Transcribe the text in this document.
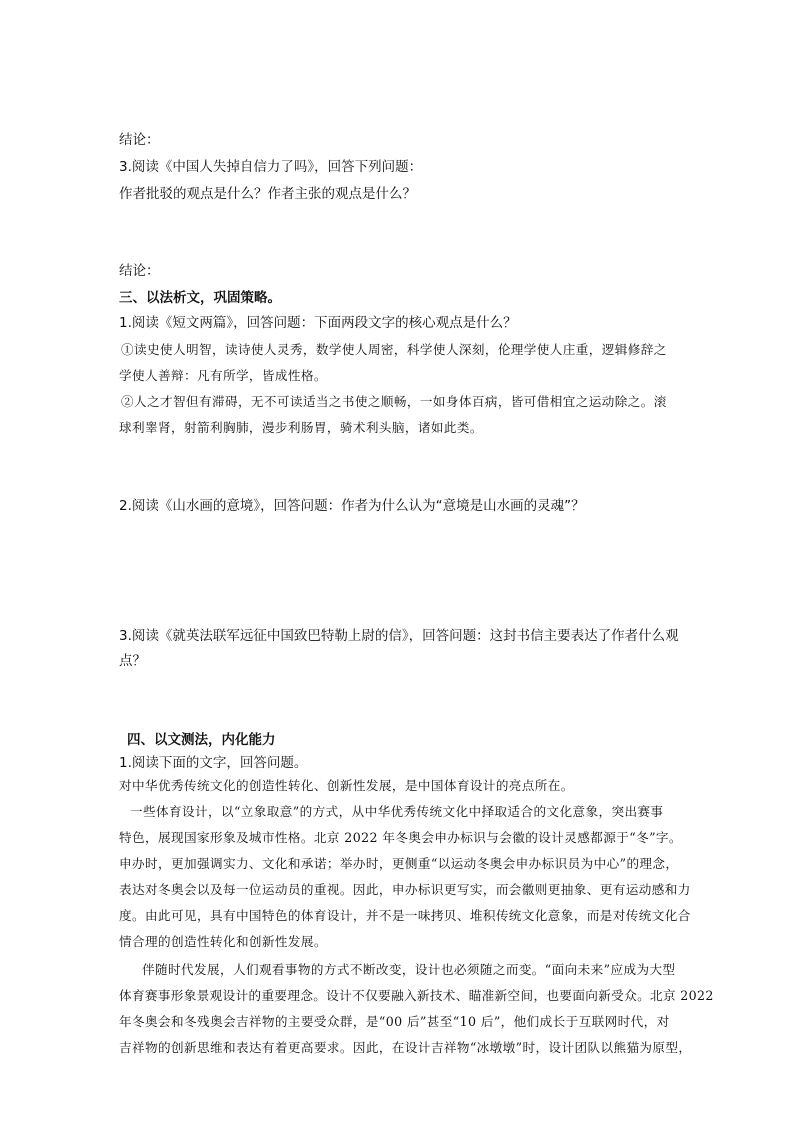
结论：
3.阅读《中国人失掉自信力了吗》，回答下列问题：
作者批驳的观点是什么？作者主张的观点是什么？
结论：
三、以法析文，巩固策略。
1.阅读《短文两篇》，回答问题：下面两段文字的核心观点是什么？
①读史使人明智，读诗使人灵秀，数学使人周密，科学使人深刻，伦理学使人庄重，逻辑修辞之
学使人善辩：凡有所学，皆成性格。
②人之才智但有滞碍，无不可读适当之书使之顺畅，一如身体百病，皆可借相宜之运动除之。滚
球利睾肾，射箭利胸肺，漫步利肠胃，骑术利头脑，诸如此类。
2.阅读《山水画的意境》，回答问题：作者为什么认为“意境是山水画的灵魂”？
3.阅读《就英法联军远征中国致巴特勒上尉的信》，回答问题：这封书信主要表达了作者什么观
点？
四、以文测法，内化能力
1.阅读下面的文字，回答问题。
对中华优秀传统文化的创造性转化、创新性发展，是中国体育设计的亮点所在。
一些体育设计，以“立象取意”的方式，从中华优秀传统文化中择取适合的文化意象，突出赛事
特色，展现国家形象及城市性格。北京 2022 年冬奥会申办标识与会徽的设计灵感都源于“冬”字。
申办时，更加强调实力、文化和承诺；举办时，更侧重“以运动冬奥会申办标识员为中心”的理念，
表达对冬奥会以及每一位运动员的重视。因此，申办标识更写实，而会徽则更抽象、更有运动感和力
度。由此可见，具有中国特色的体育设计，并不是一味拷贝、堆积传统文化意象，而是对传统文化合
情合理的创造性转化和创新性发展。
伴随时代发展，人们观看事物的方式不断改变，设计也必须随之而变。“面向未来”应成为大型
体育赛事形象景观设计的重要理念。设计不仅要融入新技术、瞄准新空间，也要面向新受众。北京 2022
年冬奥会和冬残奥会吉祥物的主要受众群，是“00 后”甚至“10 后”，他们成长于互联网时代，对
吉祥物的创新思维和表达有着更高要求。因此，在设计吉祥物“冰墩墩”时，设计团队以熊猫为原型，
